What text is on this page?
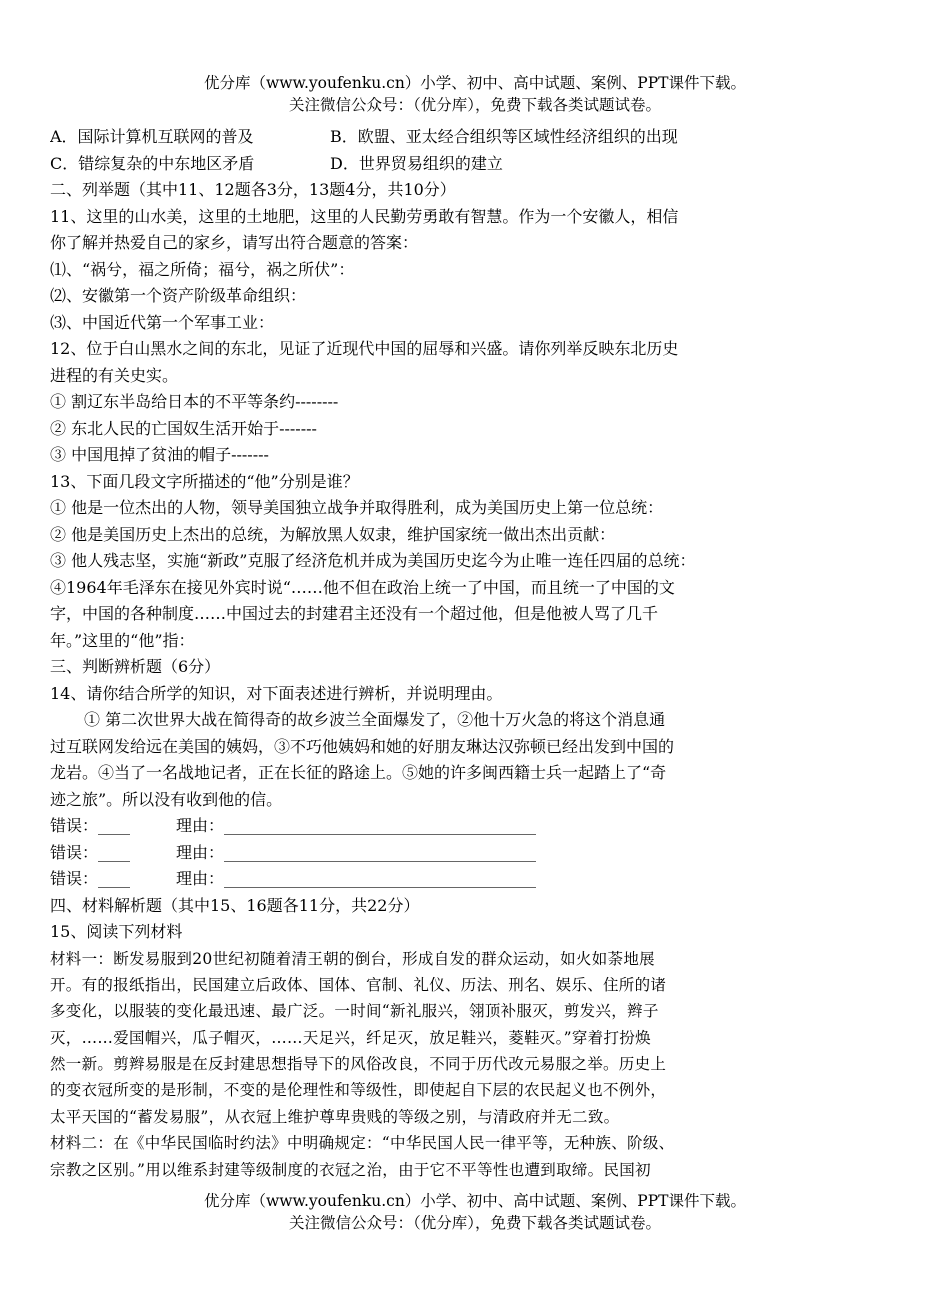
优分库（www.youfenku.cn）小学、初中、高中试题、案例、PPT课件下载。
关注微信公众号：（优分库），免费下载各类试题试卷。
A．国际计算机互联网的普及	B．欧盟、亚太经合组织等区域性经济组织的出现
C．错综复杂的中东地区矛盾	D．世界贸易组织的建立
二、列举题（其中11、12题各3分，13题4分，共10分）
11、这里的山水美，这里的土地肥，这里的人民勤劳勇敢有智慧。作为一个安徽人，相信
你了解并热爱自己的家乡，请写出符合题意的答案：
⑴、“祸兮，福之所倚；福兮，祸之所伏”：
⑵、安徽第一个资产阶级革命组织：
⑶、中国近代第一个军事工业：
12、位于白山黑水之间的东北，见证了近现代中国的屈辱和兴盛。请你列举反映东北历史
进程的有关史实。
① 割辽东半岛给日本的不平等条约--------
② 东北人民的亡国奴生活开始于-------
③ 中国甩掉了贫油的帽子-------
13、下面几段文字所描述的“他”分别是谁？
① 他是一位杰出的人物，领导美国独立战争并取得胜利，成为美国历史上第一位总统：
② 他是美国历史上杰出的总统，为解放黑人奴隶，维护国家统一做出杰出贡献：
③ 他人残志坚，实施“新政”克服了经济危机并成为美国历史迄今为止唯一连任四届的总统：
④1964年毛泽东在接见外宾时说“……他不但在政治上统一了中国，而且统一了中国的文
字，中国的各种制度……中国过去的封建君主还没有一个超过他，但是他被人骂了几千
年。”这里的“他”指：
三、判断辨析题（6分）
14、请你结合所学的知识，对下面表述进行辨析，并说明理由。
① 第二次世界大战在简得奇的故乡波兰全面爆发了，②他十万火急的将这个消息通
过互联网发给远在美国的姨妈，③不巧他姨妈和她的好朋友琳达汉弥顿已经出发到中国的
龙岩。④当了一名战地记者，正在长征的路途上。⑤她的许多闽西籍士兵一起踏上了“奇
迹之旅”。所以没有收到他的信。
错误：____	理由：_______________________________________
错误：____	理由：_______________________________________
错误：____	理由：_______________________________________
四、材料解析题（其中15、16题各11分，共22分）
15、阅读下列材料
材料一：断发易服到20世纪初随着清王朝的倒台，形成自发的群众运动，如火如荼地展
开。有的报纸指出，民国建立后政体、国体、官制、礼仪、历法、刑名、娱乐、住所的诸
多变化，以服装的变化最迅速、最广泛。一时间“新礼服兴，翎顶补服灭，剪发兴，辫子
灭，……爱国帽兴，瓜子帽灭，……天足兴，纤足灭，放足鞋兴，菱鞋灭。”穿着打扮焕
然一新。剪辫易服是在反封建思想指导下的风俗改良，不同于历代改元易服之举。历史上
的变衣冠所变的是形制，不变的是伦理性和等级性，即使起自下层的农民起义也不例外，
太平天国的“蓄发易服”，从衣冠上维护尊卑贵贱的等级之别，与清政府并无二致。
材料二：在《中华民国临时约法》中明确规定：“中华民国人民一律平等，无种族、阶级、
宗教之区别。”用以维系封建等级制度的衣冠之治，由于它不平等性也遭到取缔。民国初
优分库（www.youfenku.cn）小学、初中、高中试题、案例、PPT课件下载。
关注微信公众号：（优分库），免费下载各类试题试卷。
